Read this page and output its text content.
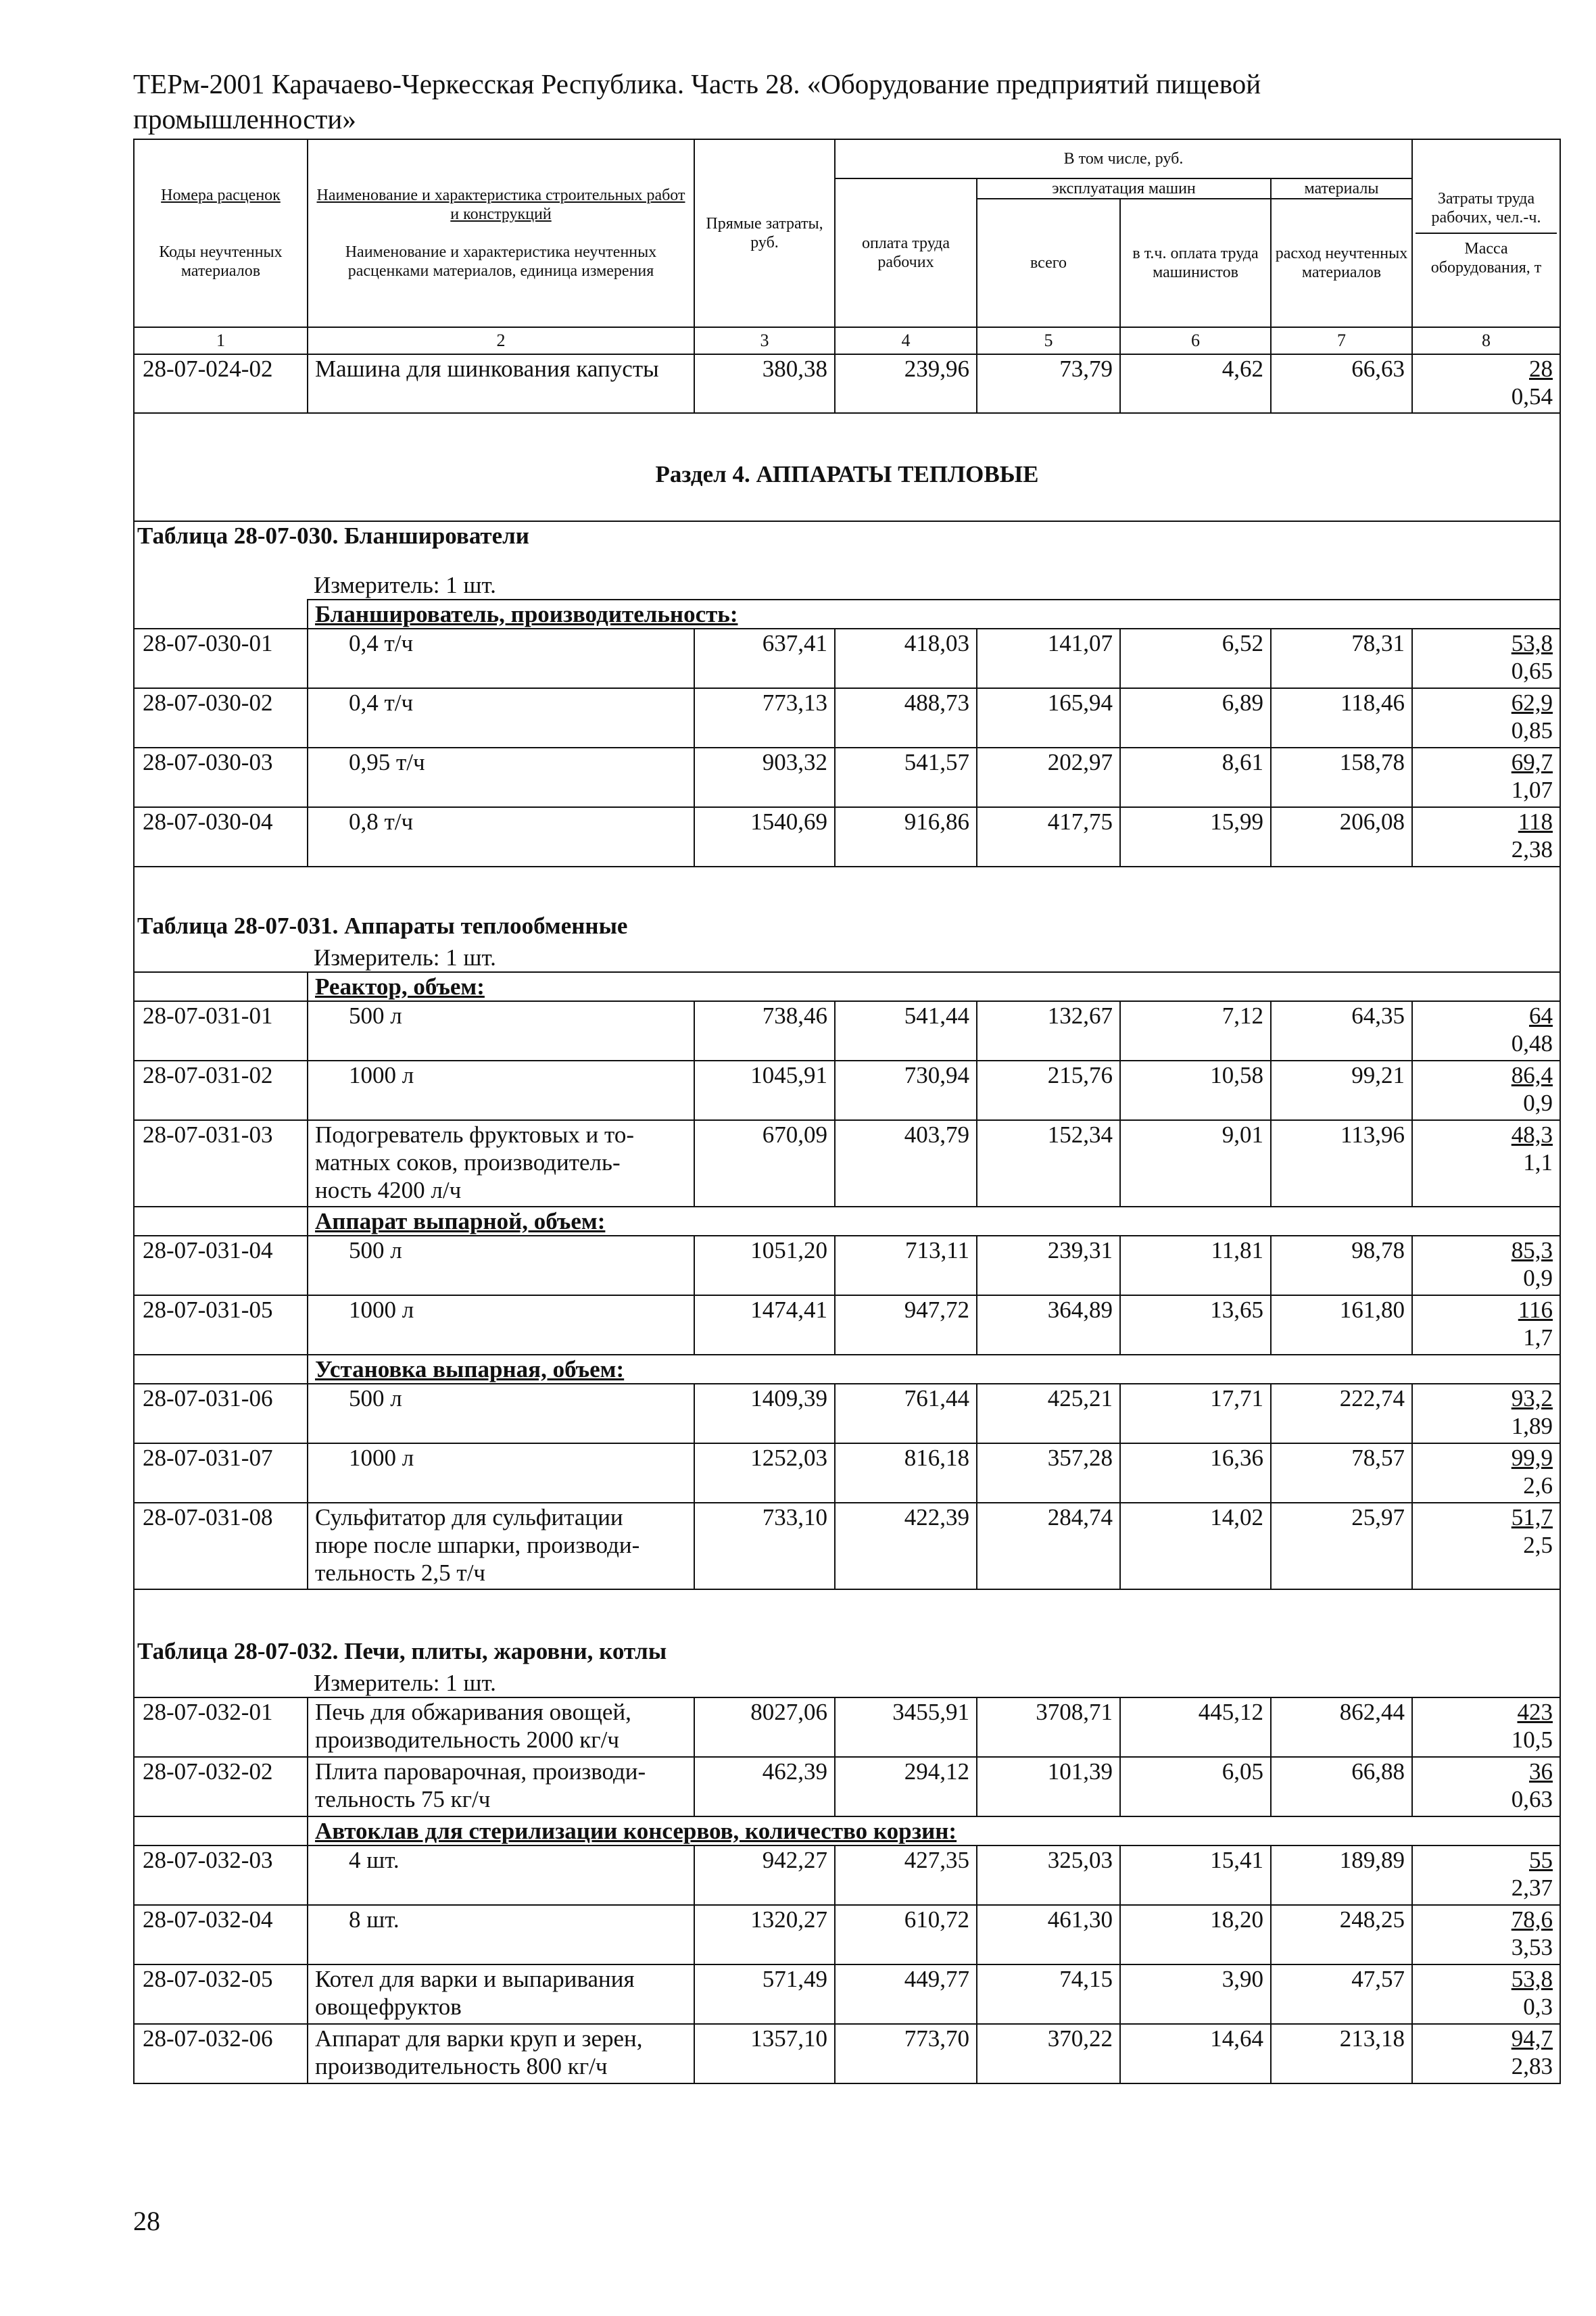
ТЕРм-2001 Карачаево-Черкесская Республика. Часть 28. «Оборудование предприятий пищевой промышленности»
Номера расценок

Коды неучтенных материалов	Наименование и характеристика строительных работ и конструкций

Наименование и характеристика неучтенных расценками материалов, единица измерения	Прямые затраты, руб.	В том числе, руб.				Затраты труда рабочих, чел.-ч.
Масса оборудования, т

			оплата труда рабочих	эксплуатация машин		материалы	
				всего	в т.ч. оплата труда машинистов	расход неучтенных материалов	
1	2	3	4	5	6	7	8
28-07-024-02	Машина для шинкования капусты	380,38	239,96	73,79	4,62	66,63	28
0,54

Раздел 4. АППАРАТЫ ТЕПЛОВЫЕ							
Таблица 28-07-030. Бланширователи							

Измеритель: 1 шт.							

	Бланширователь, производительность:						
28-07-030-01	0,4 т/ч	637,41	418,03	141,07	6,52	78,31	53,8
0,65

28-07-030-02	0,4 т/ч	773,13	488,73	165,94	6,89	118,46	62,9
0,85

28-07-030-03	0,95 т/ч	903,32	541,57	202,97	8,61	158,78	69,7
1,07

28-07-030-04	0,8 т/ч	1540,69	916,86	417,75	15,99	206,08	118
2,38

Таблица 28-07-031. Аппараты теплообменные							

Измеритель: 1 шт.							

	Реактор, объем:						
28-07-031-01	500 л	738,46	541,44	132,67	7,12	64,35	64
0,48

28-07-031-02	1000 л	1045,91	730,94	215,76	10,58	99,21	86,4
0,9

28-07-031-03	Подогреватель фруктовых и то-
матных соков, производитель-
ность 4200 л/ч	670,09	403,79	152,34	9,01	113,96	48,3
1,1

	Аппарат выпарной, объем:						
28-07-031-04	500 л	1051,20	713,11	239,31	11,81	98,78	85,3
0,9

28-07-031-05	1000 л	1474,41	947,72	364,89	13,65	161,80	116
1,7

	Установка выпарная, объем:						
28-07-031-06	500 л	1409,39	761,44	425,21	17,71	222,74	93,2
1,89

28-07-031-07	1000 л	1252,03	816,18	357,28	16,36	78,57	99,9
2,6

28-07-031-08	Сульфитатор для сульфитации
пюре после шпарки, производи-
тельность 2,5 т/ч	733,10	422,39	284,74	14,02	25,97	51,7
2,5

Таблица 28-07-032. Печи, плиты, жаровни, котлы							

Измеритель: 1 шт.							

28-07-032-01	Печь для обжаривания овощей,
производительность 2000 кг/ч	8027,06	3455,91	3708,71	445,12	862,44	423
10,5

28-07-032-02	Плита пароварочная, производи-
тельность 75 кг/ч	462,39	294,12	101,39	6,05	66,88	36
0,63

	Автоклав для стерилизации консервов, количество корзин:						
28-07-032-03	4 шт.	942,27	427,35	325,03	15,41	189,89	55
2,37

28-07-032-04	8 шт.	1320,27	610,72	461,30	18,20	248,25	78,6
3,53

28-07-032-05	Котел для варки и выпаривания
овощефруктов	571,49	449,77	74,15	3,90	47,57	53,8
0,3

28-07-032-06	Аппарат для варки круп и зерен,
производительность 800 кг/ч	1357,10	773,70	370,22	14,64	213,18	94,7
2,83
28
